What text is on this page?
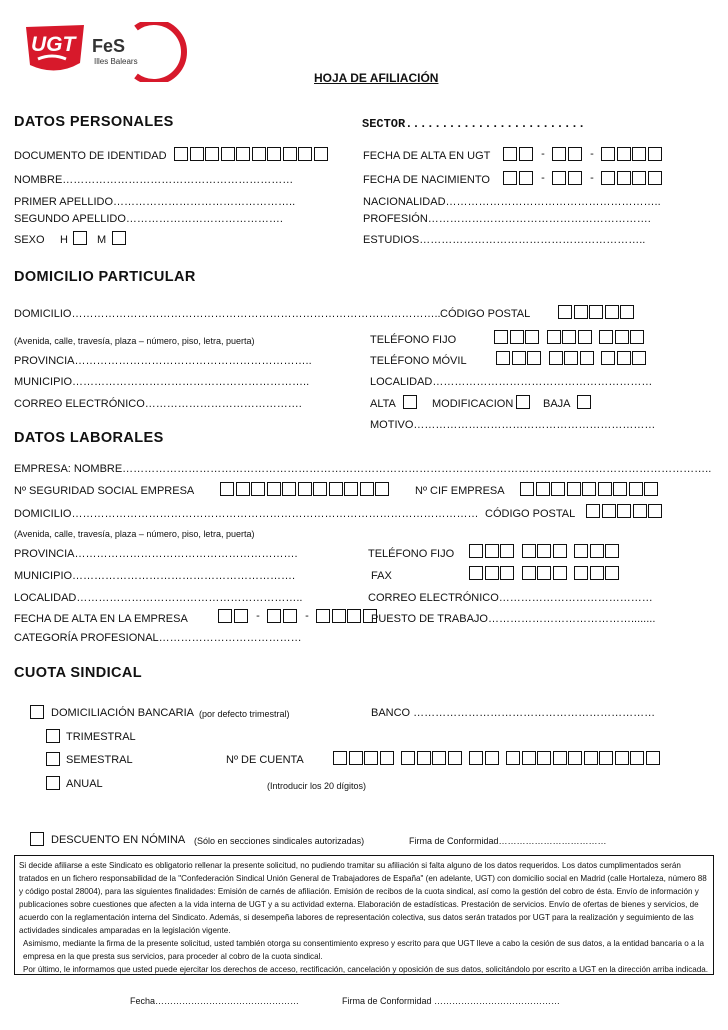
UGT FeS
Illes Balears
HOJA DE AFILIACIÓN
DATOS PERSONALES	SECTOR.........................
DOCUMENTO DE IDENTIDAD	FECHA DE ALTA EN UGT	-	-
NOMBRE………………………………………………………	FECHA DE NACIMIENTO	-	-
PRIMER APELLIDO…………………………………………..	NACIONALIDAD…………………………………………………..
SEGUNDO APELLIDO…………………………………….	PROFESIÓN…………………………………………………….
SEXO H	M	ESTUDIOS……………………………………………………..
DOMICILIO PARTICULAR
DOMICILIO……………………………………………………………………………………….. CÓDIGO POSTAL
(Avenida, calle, travesía, plaza – número, piso, letra, puerta)	TELÉFONO FIJO
PROVINCIA………………………………………………………..	TELÉFONO MÓVIL
MUNICIPIO………………………………………………………..	LOCALIDAD……………………………………………………
CORREO ELECTRÓNICO…………………………………….	ALTA	MODIFICACION	BAJA
MOTIVO…………………………………………………………
DATOS LABORALES
EMPRESA: NOMBRE……………………………………………………………………………………………………………………………………………..
Nº SEGURIDAD SOCIAL EMPRESA	Nº CIF EMPRESA
DOMICILIO………………………………………………………………………………………………… CÓDIGO POSTAL
(Avenida, calle, travesía, plaza – número, piso, letra, puerta)
PROVINCIA…………………………………………………….	TELÉFONO FIJO
MUNICIPIO…………………………………………………….	FAX
LOCALIDAD……………………………………………………..	CORREO ELECTRÓNICO……………………………………
FECHA DE ALTA EN LA EMPRESA	-	-	PUESTO DE TRABAJO…………………………………........
CATEGORÍA PROFESIONAL…………………………………
CUOTA SINDICAL
DOMICILIACIÓN BANCARIA (por defecto trimestral)	BANCO …………………………………………………………
TRIMESTRAL
SEMESTRAL	Nº DE CUENTA
ANUAL	(Introducir los 20 dígitos)
DESCUENTO EN NÓMINA (Sólo en secciones sindicales autorizadas)	Firma de Conformidad………………………………
Si decide afiliarse a este Sindicato es obligatorio rellenar la presente solicitud, no pudiendo tramitar su afiliación si falta alguno de los datos requeridos. Los datos cumplimentados serán tratados en un fichero responsabilidad de la "Confederación Sindical Unión General de Trabajadores de España" (en adelante, UGT) con domicilio social en Madrid (calle Hortaleza, número 88 y código postal 28004), para las siguientes finalidades: Emisión de carnés de afiliación. Emisión de recibos de la cuota sindical, así como la gestión del cobro de ésta. Envío de información y publicaciones sobre cuestiones que afecten a la vida interna de UGT y a su actividad externa. Elaboración de estadísticas. Prestación de servicios. Envío de ofertas de bienes y servicios, de acuerdo con la reglamentación interna del Sindicato. Además, si desempeña labores de representación colectiva, sus datos serán tratados por UGT para la realización y seguimiento de las actividades sindicales amparadas en la legislación vigente.
Asimismo, mediante la firma de la presente solicitud, usted también otorga su consentimiento expreso y escrito para que UGT lleve a cabo la cesión de sus datos, a la entidad bancaria o a la empresa en la que presta sus servicios, para proceder al cobro de la cuota sindical.
Por último, le informamos que usted puede ejercitar los derechos de acceso, rectificación, cancelación y oposición de sus datos, solicitándolo por escrito a UGT en la dirección arriba indicada.
Fecha…………………………………………	Firma de Conformidad ……………………………………
